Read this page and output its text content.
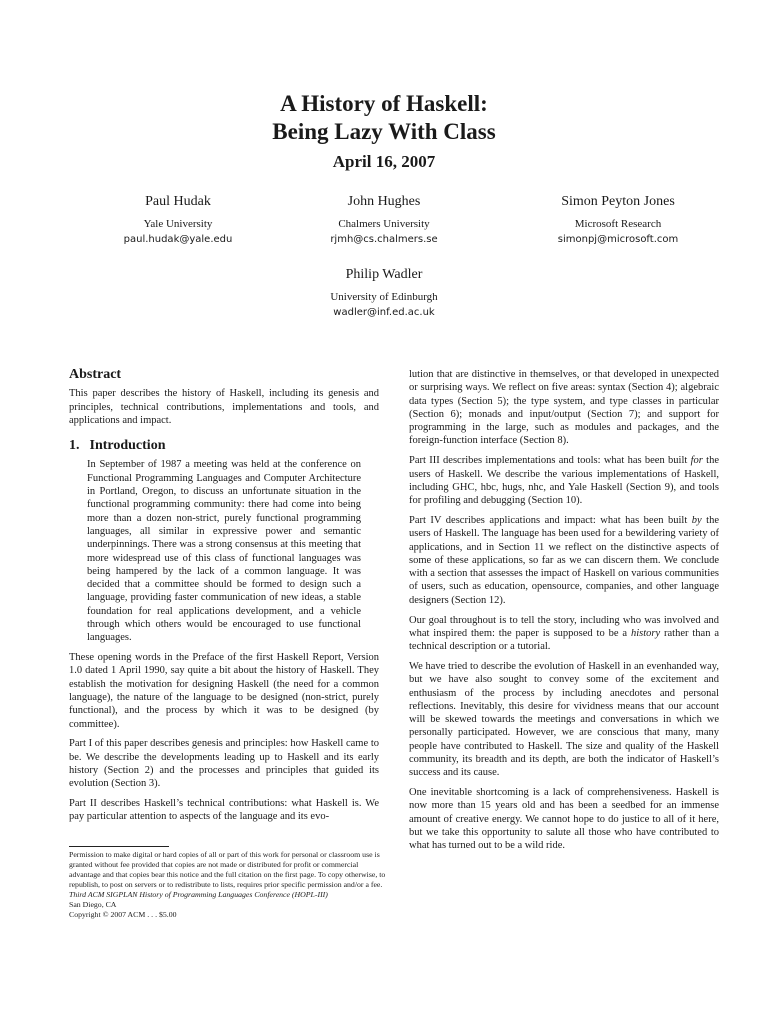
A History of Haskell:
Being Lazy With Class
April 16, 2007
Paul Hudak
Yale University
paul.hudak@yale.edu
John Hughes
Chalmers University
rjmh@cs.chalmers.se
Simon Peyton Jones
Microsoft Research
simonpj@microsoft.com
Philip Wadler
University of Edinburgh
wadler@inf.ed.ac.uk
Abstract

This paper describes the history of Haskell, including its genesis and principles, technical contributions, implementations and tools, and applications and impact.

1. Introduction

In September of 1987 a meeting was held at the conference on Functional Programming Languages and Computer Architecture in Portland, Oregon, to discuss an unfortunate situation in the functional programming community: there had come into being more than a dozen non-strict, purely functional programming languages, all similar in expressive power and semantic underpinnings. There was a strong consensus at this meeting that more widespread use of this class of functional languages was being hampered by the lack of a common language. It was decided that a committee should be formed to design such a language, providing faster communication of new ideas, a stable foundation for real applications development, and a vehicle through which others would be encouraged to use functional languages.

These opening words in the Preface of the first Haskell Report, Version 1.0 dated 1 April 1990, say quite a bit about the history of Haskell. They establish the motivation for designing Haskell (the need for a common language), the nature of the language to be designed (non-strict, purely functional), and the process by which it was to be designed (by committee).

Part I of this paper describes genesis and principles: how Haskell came to be. We describe the developments leading up to Haskell and its early history (Section 2) and the processes and principles that guided its evolution (Section 3).

Part II describes Haskell’s technical contributions: what Haskell is. We pay particular attention to aspects of the language and its evo-

Permission to make digital or hard copies of all or part of this work for personal or classroom use is granted without fee provided that copies are not made or distributed for profit or commercial advantage and that copies bear this notice and the full citation on the first page. To copy otherwise, to republish, to post on servers or to redistribute to lists, requires prior specific permission and/or a fee.
Third ACM SIGPLAN History of Programming Languages Conference (HOPL-III)
San Diego, CA
Copyright © 2007 ACM . . . $5.00

lution that are distinctive in themselves, or that developed in unexpected or surprising ways. We reflect on five areas: syntax (Section 4); algebraic data types (Section 5); the type system, and type classes in particular (Section 6); monads and input/output (Section 7); and support for programming in the large, such as modules and packages, and the foreign-function interface (Section 8).

Part III describes implementations and tools: what has been built for the users of Haskell. We describe the various implementations of Haskell, including GHC, hbc, hugs, nhc, and Yale Haskell (Section 9), and tools for profiling and debugging (Section 10).

Part IV describes applications and impact: what has been built by the users of Haskell. The language has been used for a bewildering variety of applications, and in Section 11 we reflect on the distinctive aspects of some of these applications, so far as we can discern them. We conclude with a section that assesses the impact of Haskell on various communities of users, such as education, opensource, companies, and other language designers (Section 12).

Our goal throughout is to tell the story, including who was involved and what inspired them: the paper is supposed to be a history rather than a technical description or a tutorial.

We have tried to describe the evolution of Haskell in an evenhanded way, but we have also sought to convey some of the excitement and enthusiasm of the process by including anecdotes and personal reflections. Inevitably, this desire for vividness means that our account will be skewed towards the meetings and conversations in which we personally participated. However, we are conscious that many, many people have contributed to Haskell. The size and quality of the Haskell community, its breadth and its depth, are both the indicator of Haskell’s success and its cause.

One inevitable shortcoming is a lack of comprehensiveness. Haskell is now more than 15 years old and has been a seedbed for an immense amount of creative energy. We cannot hope to do justice to all of it here, but we take this opportunity to salute all those who have contributed to what has turned out to be a wild ride.
